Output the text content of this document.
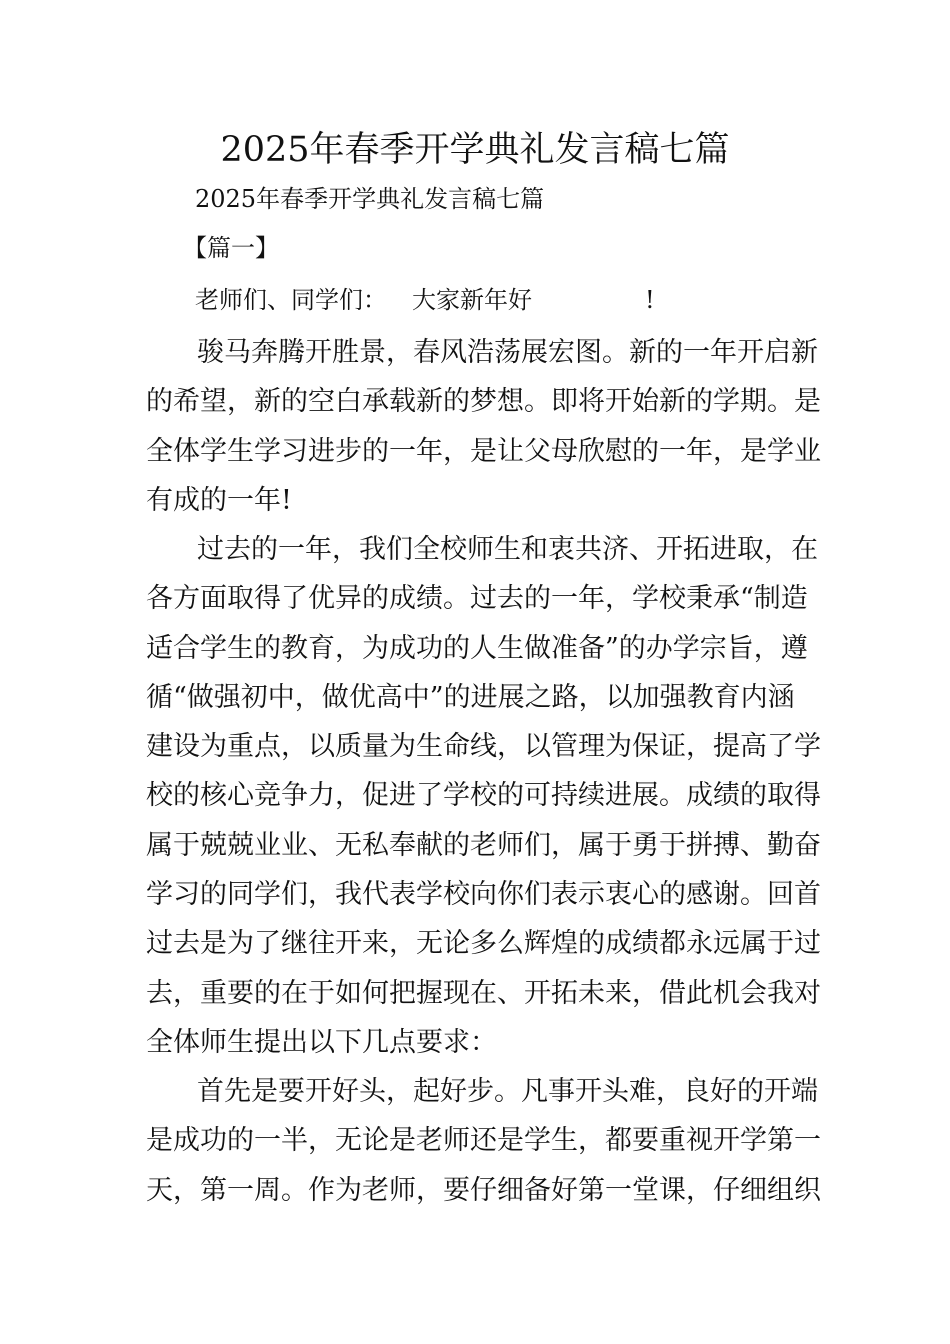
2025年春季开学典礼发言稿七篇
2025年春季开学典礼发言稿七篇
【篇一】
老师们、同学们： 大家新年好	!
骏马奔腾开胜景，春风浩荡展宏图。新的一年开启新
的希望，新的空白承载新的梦想。即将开始新的学期。是
全体学生学习进步的一年，是让父母欣慰的一年，是学业
有成的一年!
过去的一年，我们全校师生和衷共济、开拓进取，在
各方面取得了优异的成绩。过去的一年，学校秉承“制造
适合学生的教育，为成功的人生做准备”的办学宗旨，遵
循“做强初中，做优高中”的进展之路，以加强教育内涵
建设为重点，以质量为生命线，以管理为保证，提高了学
校的核心竞争力，促进了学校的可持续进展。成绩的取得
属于兢兢业业、无私奉献的老师们，属于勇于拼搏、勤奋
学习的同学们，我代表学校向你们表示衷心的感谢。回首
过去是为了继往开来，无论多么辉煌的成绩都永远属于过
去，重要的在于如何把握现在、开拓未来，借此机会我对
全体师生提出以下几点要求：
首先是要开好头，起好步。凡事开头难，良好的开端
是成功的一半，无论是老师还是学生，都要重视开学第一
天，第一周。作为老师，要仔细备好第一堂课，仔细组织
